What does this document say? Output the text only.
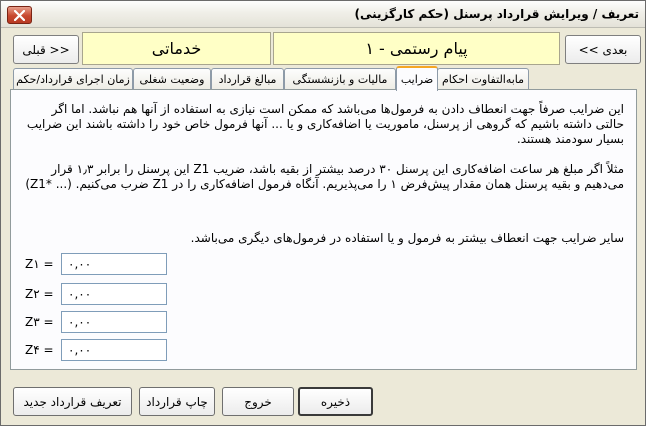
تعریف / ویرایش قرارداد پرسنل (حکم کارگزینی)
<< بعدی
پیام رستمی - ۱
خدماتی
قبلی >>
مابه‌التفاوت احکام
ضرایب
مالیات و بازنشستگی
مبالغ قرارداد
وضعیت شغلی
زمان اجرای قرارداد/حکم
این ضرایب صرفاً جهت انعطاف دادن به فرمول‌ها می‌باشد که ممکن است نیازی به استفاده از آنها هم نباشد. اما اگر حالتی داشته باشیم که گروهی از پرسنل، ماموریت یا اضافه‌کاری و یا ... آنها فرمول خاص خود را داشته باشند این ضرایب بسیار سودمند هستند.
مثلاً اگر مبلغ هر ساعت اضافه‌کاری این پرسنل ۳۰ درصد بیشتر از بقیه باشد، ضریب Z1 این پرسنل را برابر ۱٫۳ قرار می‌دهیم و بقیه پرسنل همان مقدار پیش‌فرض ۱ را می‌پذیریم. آنگاه فرمول اضافه‌کاری را در Z1 ضرب می‌کنیم. (... *Z1)
سایر ضرایب جهت انعطاف بیشتر به فرمول و یا استفاده در فرمول‌های دیگری می‌باشد.
Z۱ =
۰,۰۰
Z۲ =
۰,۰۰
Z۳ =
۰,۰۰
Z۴ =
۰,۰۰
تعریف قرارداد جدید	چاپ قرارداد	خروج	ذخیره
